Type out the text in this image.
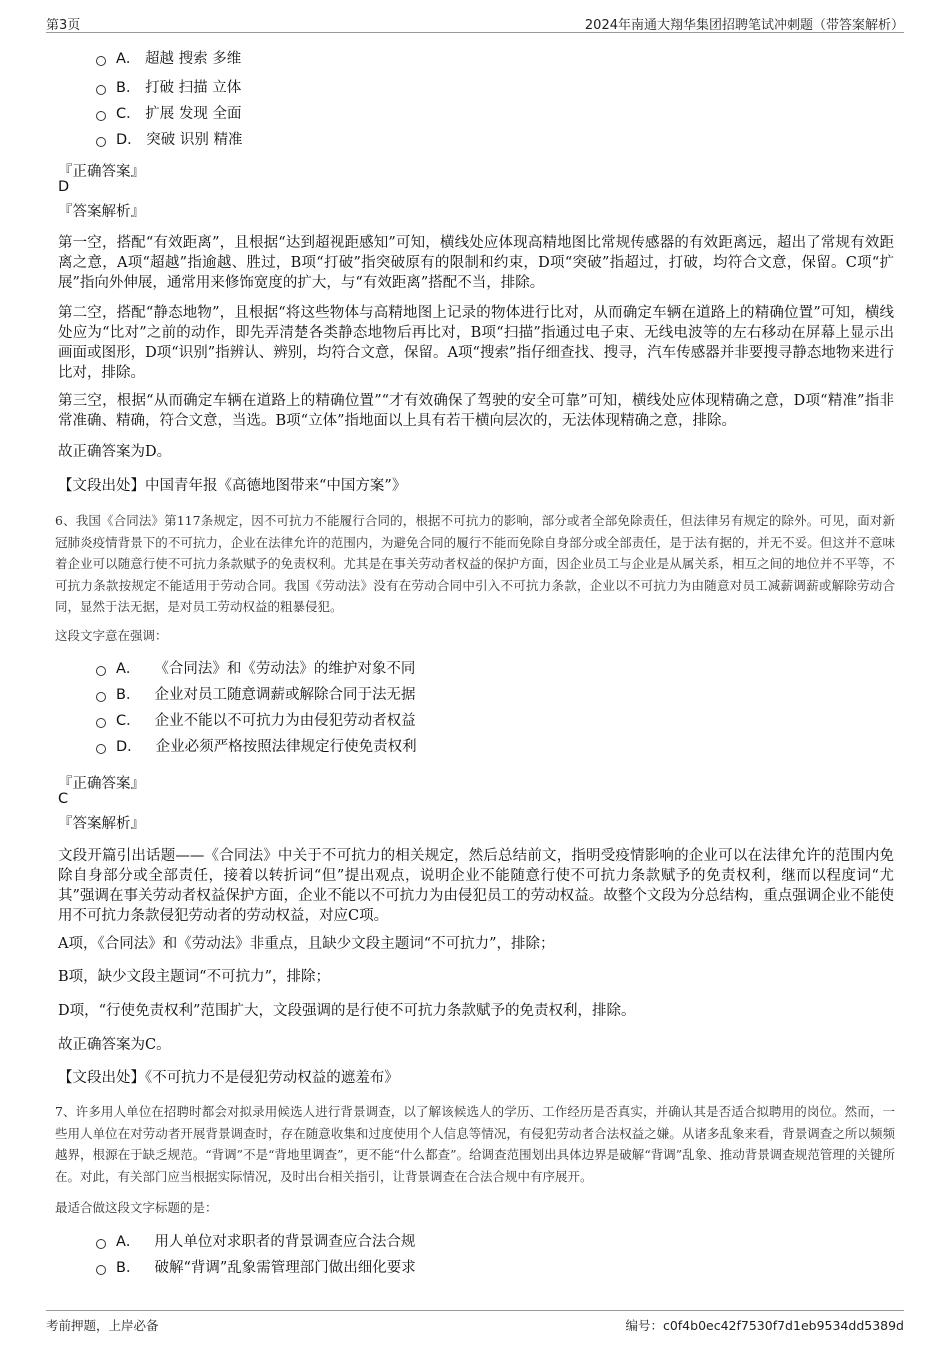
第3页	2024年南通大翔华集团招聘笔试冲刺题（带答案解析）
A． 超越 搜索 多维
B． 打破 扫描 立体
C． 扩展 发现 全面
D． 突破 识别 精准
『正确答案』
D
『答案解析』
第一空，搭配“有效距离”，且根据“达到超视距感知”可知，横线处应体现高精地图比常规传感器的有效距离远，超出了常规有效距离之意，A项“超越”指逾越、胜过，B项“打破”指突破原有的限制和约束，D项“突破”指超过，打破，均符合文意，保留。C项“扩展”指向外伸展，通常用来修饰宽度的扩大，与“有效距离”搭配不当，排除。
第二空，搭配“静态地物”，且根据“将这些物体与高精地图上记录的物体进行比对，从而确定车辆在道路上的精确位置”可知，横线处应为“比对”之前的动作，即先弄清楚各类静态地物后再比对，B项“扫描”指通过电子束、无线电波等的左右移动在屏幕上显示出画面或图形，D项“识别”指辨认、辨别，均符合文意，保留。A项“搜索”指仔细查找、搜寻，汽车传感器并非要搜寻静态地物来进行比对，排除。
第三空，根据“从而确定车辆在道路上的精确位置”“才有效确保了驾驶的安全可靠”可知，横线处应体现精确之意，D项“精准”指非常准确、精确，符合文意，当选。B项“立体”指地面以上具有若干横向层次的，无法体现精确之意，排除。
故正确答案为D。
【文段出处】中国青年报《高德地图带来“中国方案”》
6、我国《合同法》第117条规定，因不可抗力不能履行合同的，根据不可抗力的影响，部分或者全部免除责任，但法律另有规定的除外。可见，面对新冠肺炎疫情背景下的不可抗力，企业在法律允许的范围内，为避免合同的履行不能而免除自身部分或全部责任，是于法有据的，并无不妥。但这并不意味着企业可以随意行使不可抗力条款赋予的免责权利。尤其是在事关劳动者权益的保护方面，因企业员工与企业是从属关系，相互之间的地位并不平等，不可抗力条款按规定不能适用于劳动合同。我国《劳动法》没有在劳动合同中引入不可抗力条款，企业以不可抗力为由随意对员工减薪调薪或解除劳动合同，显然于法无据，是对员工劳动权益的粗暴侵犯。
这段文字意在强调：
A． 《合同法》和《劳动法》的维护对象不同
B． 企业对员工随意调薪或解除合同于法无据
C． 企业不能以不可抗力为由侵犯劳动者权益
D． 企业必须严格按照法律规定行使免责权利
『正确答案』
C
『答案解析』
文段开篇引出话题——《合同法》中关于不可抗力的相关规定，然后总结前文，指明受疫情影响的企业可以在法律允许的范围内免除自身部分或全部责任，接着以转折词“但”提出观点，说明企业不能随意行使不可抗力条款赋予的免责权利，继而以程度词“尤其”强调在事关劳动者权益保护方面，企业不能以不可抗力为由侵犯员工的劳动权益。故整个文段为分总结构，重点强调企业不能使用不可抗力条款侵犯劳动者的劳动权益，对应C项。
A项，《合同法》和《劳动法》非重点，且缺少文段主题词“不可抗力”，排除；
B项，缺少文段主题词“不可抗力”，排除；
D项，“行使免责权利”范围扩大，文段强调的是行使不可抗力条款赋予的免责权利，排除。
故正确答案为C。
【文段出处】《不可抗力不是侵犯劳动权益的遮羞布》
7、许多用人单位在招聘时都会对拟录用候选人进行背景调查，以了解该候选人的学历、工作经历是否真实，并确认其是否适合拟聘用的岗位。然而，一些用人单位在对劳动者开展背景调查时，存在随意收集和过度使用个人信息等情况，有侵犯劳动者合法权益之嫌。从诸多乱象来看，背景调查之所以频频越界，根源在于缺乏规范。“背调”不是“背地里调查”，更不能“什么都查”。给调查范围划出具体边界是破解“背调”乱象、推动背景调查规范管理的关键所在。对此，有关部门应当根据实际情况，及时出台相关指引，让背景调查在合法合规中有序展开。
最适合做这段文字标题的是：
A． 用人单位对求职者的背景调查应合法合规
B． 破解“背调”乱象需管理部门做出细化要求
考前押题，上岸必备	编号：c0f4b0ec42f7530f7d1eb9534dd5389d
